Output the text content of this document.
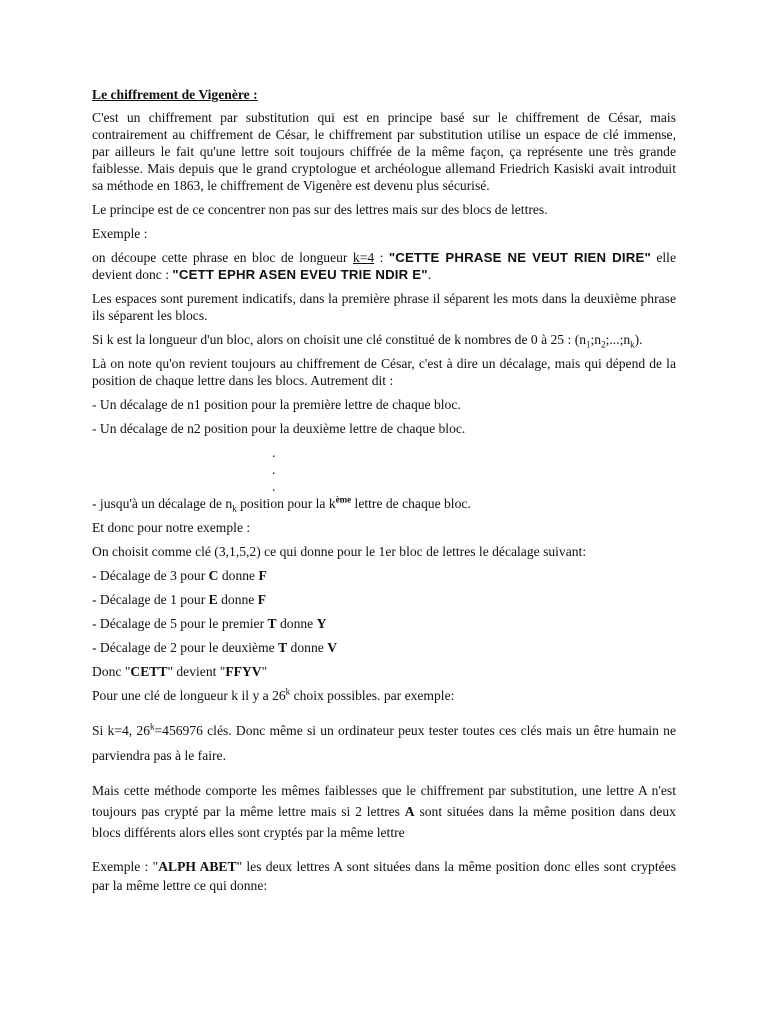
Le chiffrement de Vigenère :

C'est un chiffrement par substitution qui est en principe basé sur le chiffrement de César, mais contrairement au chiffrement de César, le chiffrement par substitution utilise un espace de clé immense, par ailleurs le fait qu'une lettre soit toujours chiffrée de la même façon, ça représente une très grande faiblesse. Mais depuis que le grand cryptologue et archéologue allemand Friedrich Kasiski avait introduit sa méthode en 1863, le chiffrement de Vigenère est devenu plus sécurisé.

Le principe est de ce concentrer non pas sur des lettres mais sur des blocs de lettres.

Exemple :

on découpe cette phrase en bloc de longueur k=4 : "CETTE PHRASE NE VEUT RIEN DIRE" elle devient donc : "CETT EPHR ASEN EVEU TRIE NDIR E".

Les espaces sont purement indicatifs, dans la première phrase il séparent les mots dans la deuxième phrase ils séparent les blocs.

Si k est la longueur d'un bloc, alors on choisit une clé constitué de k nombres de 0 à 25 : $(n_1;n_2;...;n_k)$.

Là on note qu'on revient toujours au chiffrement de César, c'est à dire un décalage, mais qui dépend de la position de chaque lettre dans les blocs. Autrement dit :

- Un décalage de n1 position pour la première lettre de chaque bloc.

- Un décalage de n2 position pour la deuxième lettre de chaque bloc.

.
.
.

- jusqu'à un décalage de $n_k$ position pour la $k^{ème}$ lettre de chaque bloc.

Et donc pour notre exemple :

On choisit comme clé (3,1,5,2) ce qui donne pour le 1er bloc de lettres le décalage suivant:

- Décalage de 3 pour C donne F

- Décalage de 1 pour E donne F

- Décalage de 5 pour le premier T donne Y

- Décalage de 2 pour le deuxième T donne V

Donc "CETT" devient "FFYV"

Pour une clé de longueur k il y a 26$^k$ choix possibles. par exemple:

Si k=4, $26^k=456976$ clés. Donc même si un ordinateur peux tester toutes ces clés mais un être humain ne parviendra pas à le faire.

Mais cette méthode comporte les mêmes faiblesses que le chiffrement par substitution, une lettre A n'est toujours pas crypté par la même lettre mais si 2 lettres A sont situées dans la même position dans deux blocs différents alors elles sont cryptés par la même lettre

Exemple : "ALPH ABET" les deux lettres A sont situées dans la même position donc elles sont cryptées par la même lettre ce qui donne:
